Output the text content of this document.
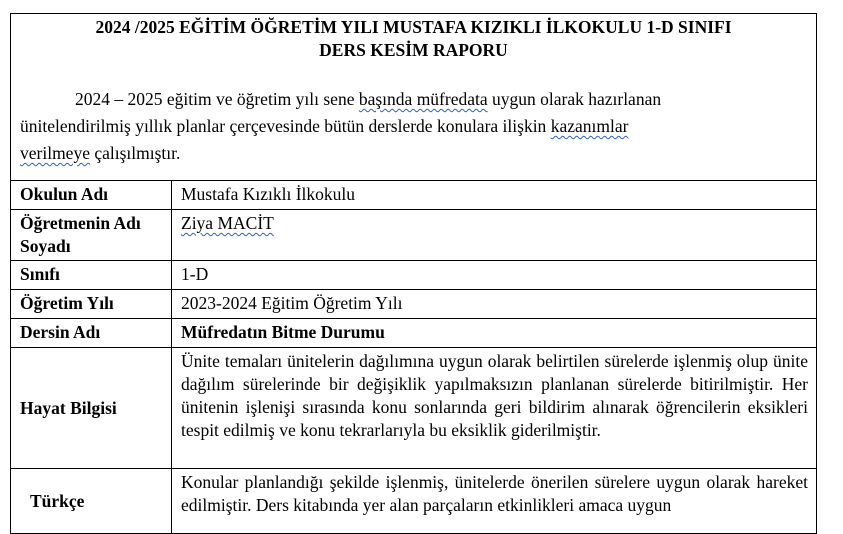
2024 /2025 EĞİTİM ÖĞRETİM YILI MUSTAFA KIZIKLI İLKOKULU 1-D SINIFI
DERS KESİM RAPORU

2024 – 2025 eğitim ve öğretim yılı sene başında müfredata uygun olarak hazırlanan

ünitelendirilmiş yıllık planlar çerçevesinde bütün derslerde konulara ilişkin kazanımlar

verilmeye çalışılmıştır.

Okulun Adı	Mustafa Kızıklı İlkokulu
Öğretmenin Adı Soyadı	Ziya MACİT
Sınıfı	1-D
Öğretim Yılı	2023-2024 Eğitim Öğretim Yılı
Dersin Adı	Müfredatın Bitme Durumu
Hayat Bilgisi	Ünite temaları ünitelerin dağılımına uygun olarak belirtilen sürelerde işlenmiş olup ünite dağılım sürelerinde bir değişiklik yapılmaksızın planlanan sürelerde bitirilmiştir. Her ünitenin işlenişi sırasında konu sonlarında geri bildirim alınarak öğrencilerin eksikleri tespit edilmiş ve konu tekrarlarıyla bu eksiklik giderilmiştir.
Türkçe	Konular planlandığı şekilde işlenmiş, ünitelerde önerilen sürelere uygun olarak hareket edilmiştir. Ders kitabında yer alan parçaların etkinlikleri amaca uygun
